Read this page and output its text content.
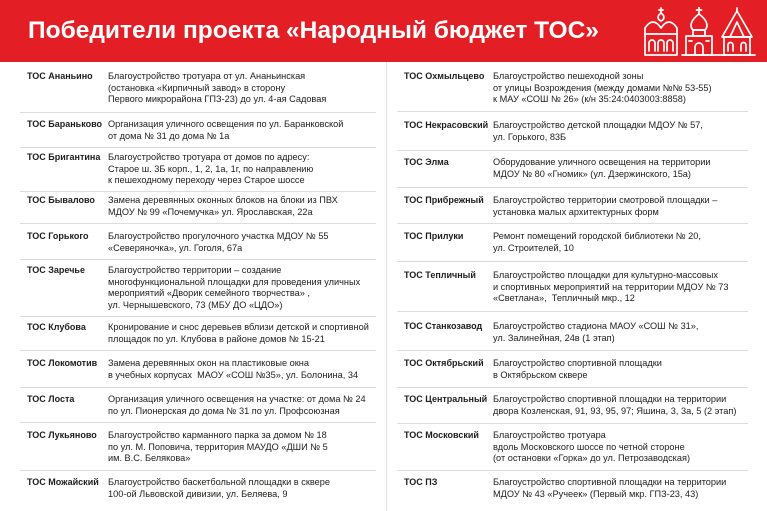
Победители проекта «Народный бюджет ТОС»
ТОС Ананьино Благоустройство тротуара от ул. Ананьинская
(остановка «Кирпичный завод» в сторону
Первого микрорайона ГПЗ-23) до ул. 4-ая Садовая
ТОС Бараньково Организация уличного освещения по ул. Баранковской
от дома № 31 до дома № 1а
ТОС Бригантина Благоустройство тротуара от домов по адресу:
Старое ш. 3Б корп., 1, 2, 1а, 1г, по направлению
к пешеходному переходу через Старое шоссе
ТОС Бывалово Замена деревянных оконных блоков на блоки из ПВХ
МДОУ № 99 «Почемучка» ул. Ярославская, 22а
ТОС Горького Благоустройство прогулочного участка МДОУ № 55
«Северяночка», ул. Гоголя, 67а
ТОС Заречье	Благоустройство территории – создание
многофункциональной площадки для проведения уличных
мероприятий «Дворик семейного творчества» ,
ул. Чернышевского, 73 (МБУ ДО «ЦДО»)
ТОС Клубова Кронирование и снос деревьев вблизи детской и спортивной
площадок по ул. Клубова в районе домов № 15-21
ТОС Локомотив Замена деревянных окон на пластиковые окна
в учебных корпусах  МАОУ «СОШ №35», ул. Болонина, 34
ТОС Лоста	Организация уличного освещения на участке: от дома № 24
по ул. Пионерская до дома № 31 по ул. Профсоюзная
ТОС Лукьяново Благоустройство карманного парка за домом № 18
по ул. М. Поповича, территория МАУДО «ДШИ № 5
им. В.С. Белякова»
ТОС Можайский Благоустройство баскетбольной площадки в сквере
100-ой Львовской дивизии, ул. Беляева, 9
ТОС Охмыльцево Благоустройство пешеходной зоны
от улицы Возрождения (между домами №№ 53-55)
к МАУ «СОШ № 26» (к/н 35:24:0403003:8858)
ТОС Некрасовский Благоустройство детской площадки МДОУ № 57,
ул. Горького, 83Б
ТОС Элма	Оборудование уличного освещения на территории
МДОУ № 80 «Гномик» (ул. Дзержинского, 15а)
ТОС Прибрежный Благоустройство территории смотровой площадки –
установка малых архитектурных форм
ТОС Прилуки	Ремонт помещений городской библиотеки № 20,
ул. Строителей, 10
ТОС Тепличный Благоустройство площадки для культурно-массовых
и спортивных мероприятий на территории МДОУ № 73
«Светлана»,  Тепличный мкр., 12
ТОС Станкозавод Благоустройство стадиона МАОУ «СОШ № 31»,
ул. Залинейная, 24в (1 этап)
ТОС Октябрьский Благоустройство спортивной площадки
в Октябрьском сквере
ТОС Центральный Благоустройство спортивной площадки на территории
двора Козленская, 91, 93, 95, 97; Яшина, 3, 3а, 5 (2 этап)
ТОС Московский Благоустройство тротуара
вдоль Московского шоссе по четной стороне
(от остановки «Горка» до ул. Петрозаводская)
ТОС ПЗ	Благоустройство спортивной площадки на территории
МДОУ № 43 «Ручеек» (Первый мкр. ГПЗ-23, 43)
